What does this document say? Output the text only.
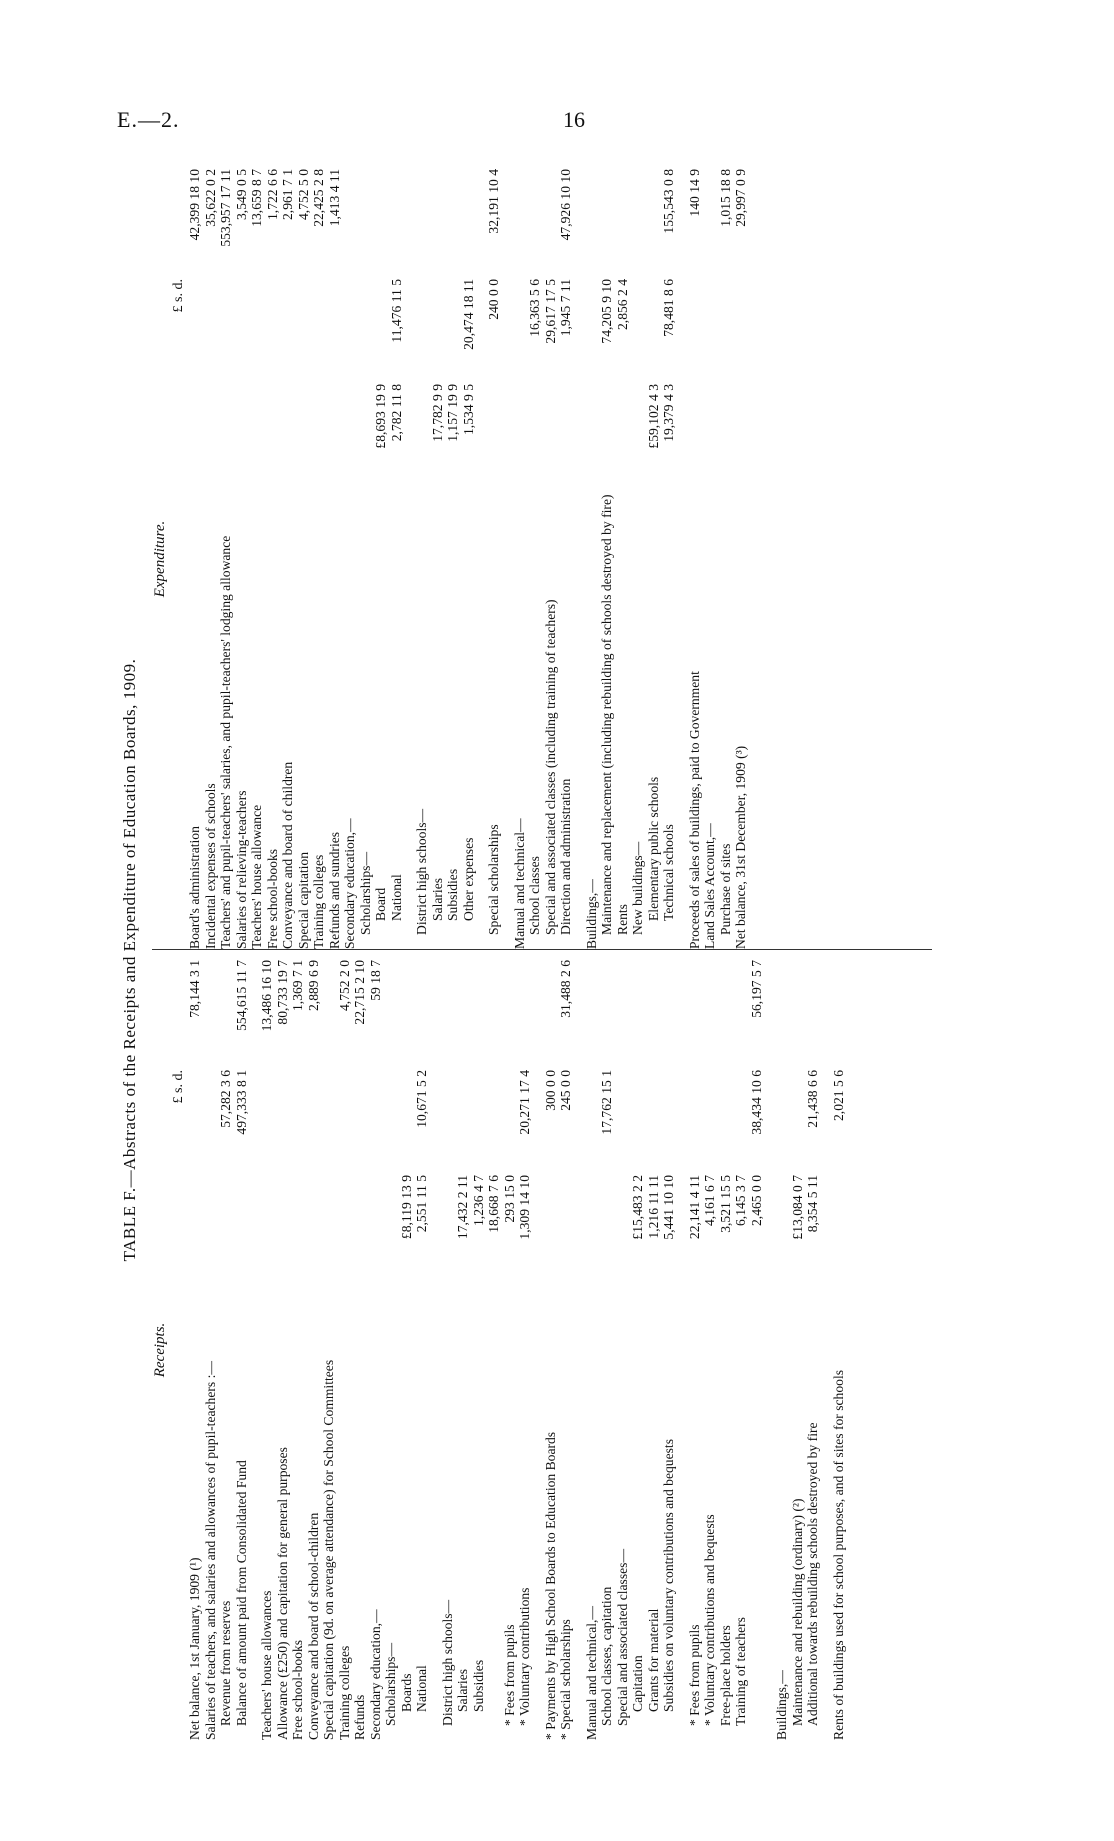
E.—2.	16
TABLE F.—Abstracts of the Receipts and Expenditure of Education Boards, 1909.
Receipts.
£ s. d.
Net balance, 1st January, 1909 (¹)
78,144 3 1
Salaries of teachers, and salaries and allowances of pupil-teachers :— Revenue from reserves
57,282 3 6
Balance of amount paid from Consolidated Fund
497,333 8 1
554,615 11 7
Teachers' house allowances
13,486 16 10
Allowance (£250) and capitation for general purposes
80,733 19 7
Free school-books
1,369 7 1
Conveyance and board of school-children
2,889 6 9
Special capitation (9d. on average attendance) for School Committees Training colleges
4,752 2 0
Refunds
22,715 2 10
Secondary education,—
59 18 7
Scholarships— Boards
£8,119 13 9
National
2,551 11 5
10,671 5 2
District high schools— Salaries
17,432 2 11
Subsidies
1,236 4 7 18,668 7 6
* Fees from pupils
293 15 0
* Voluntary contributions
1,309 14 10
20,271 17 4
* Payments by High School Boards to Education Boards
300 0 0
* Special scholarships
245 0 0
31,488 2 6
Manual and technical,— School classes, capitation
17,762 15 1
Special and associated classes— Capitation
£15,483 2 2
Grants for material
1,216 11 11
Subsidies on voluntary contributions and bequests
5,441 10 10
* Fees from pupils
22,141 4 11
* Voluntary contributions and bequests
4,161 6 7
Free-place holders
3,521 15 5
Training of teachers
6,145 3 7 2,465 0 0
38,434 10 6
56,197 5 7
Buildings,— Maintenance and rebuilding (ordinary) (²)
£13,084 0 7
Additional towards rebuilding schools destroyed by fire
8,354 5 11
21,438 6 6
Rents of buildings used for school purposes, and of sites for schools
2,021 5 6
Expenditure.
£ s. d.
Board's administration
42,399 18 10
Incidental expenses of schools
35,622 0 2
Teachers' and pupil-teachers' salaries, and pupil-teachers' lodging allowance
553,957 17 11
Salaries of relieving-teachers
3,549 0 5
Teachers' house allowance
13,659 8 7
Free school-books
1,722 6 6
Conveyance and board of children
2,961 7 1
Special capitation
4,752 5 0
Training colleges
22,425 2 8
Refunds and sundries
1,413 4 11
Secondary education,— Scholarships— Board
£8,693 19 9
National
2,782 11 8
11,476 11 5
District high schools— Salaries
17,782 9 9
Subsidies
1,157 19 9
Other expenses
1,534 9 5
20,474 18 11
Special scholarships
240 0 0
32,191 10 4
Manual and technical— School classes
16,363 5 6
Special and associated classes (including training of teachers)
29,617 17 5
Direction and administration
1,945 7 11
47,926 10 10
Buildings,— Maintenance and replacement (including rebuilding of schools destroyed by fire)
74,205 9 10
Rents
2,856 2 4
New buildings— Elementary public schools
£59,102 4 3
Technical schools
19,379 4 3
78,481 8 6
155,543 0 8
Proceeds of sales of buildings, paid to Government
140 14 9
Land Sales Account,— Purchase of sites
1,015 18 8
Net balance, 31st December, 1909 (³)
29,997 0 9
